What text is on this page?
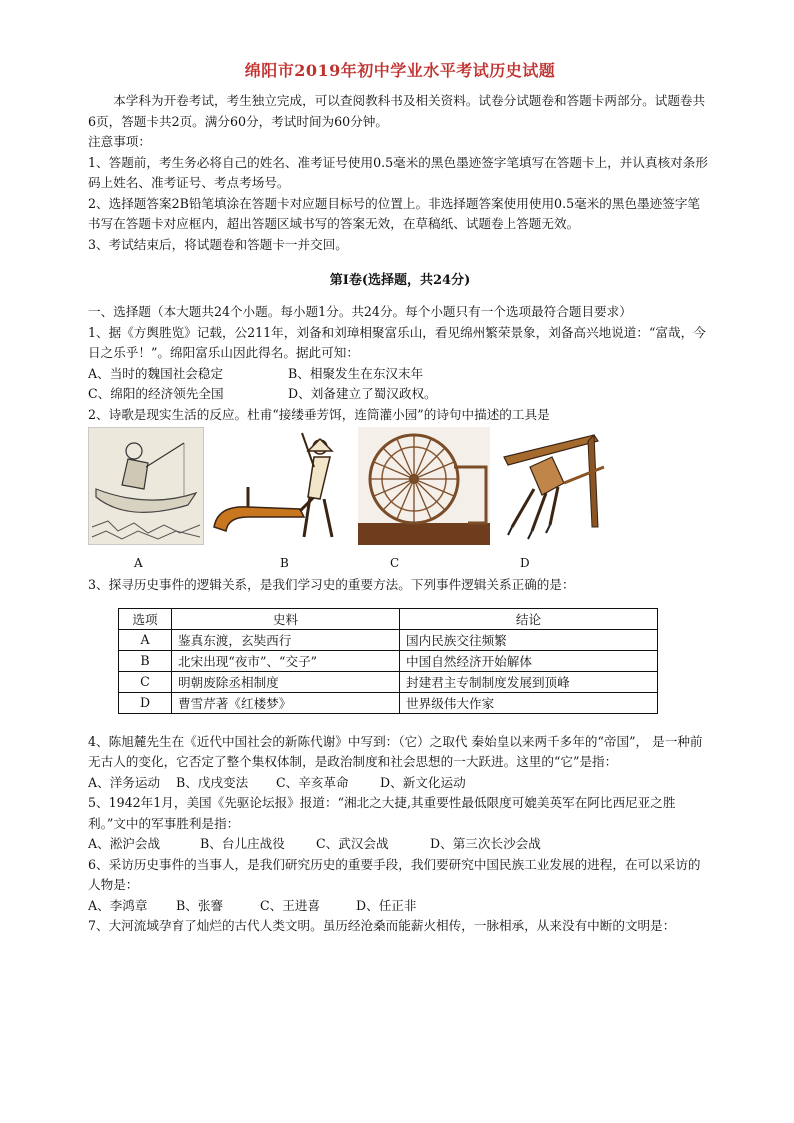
绵阳市2019年初中学业水平考试历史试题

本学科为开卷考试，考生独立完成，可以查阅教科书及相关资料。试卷分试题卷和答题卡两部分。试题卷共6页，答题卡共2页。满分60分，考试时间为60分钟。

注意事项：

1、答题前，考生务必将自己的姓名、准考证号使用0.5毫米的黑色墨迹签字笔填写在答题卡上，并认真核对条形码上姓名、准考证号、考点考场号。

2、选择题答案2B铅笔填涂在答题卡对应题目标号的位置上。非选择题答案使用使用0.5毫米的黑色墨迹签字笔书写在答题卡对应框内，超出答题区域书写的答案无效，在草稿纸、试题卷上答题无效。

3、考试结束后，将试题卷和答题卡一并交回。

第Ⅰ卷(选择题，共24分)

一、选择题（本大题共24个小题。每小题1分。共24分。每个小题只有一个选项最符合题目要求）

1、据《方舆胜览》记载，公211年，刘备和刘璋相聚富乐山，看见绵州繁荣景象，刘备高兴地说道：“富哉，今日之乐乎！”。绵阳富乐山因此得名。据此可知：

A、当时的魏国社会稳定	B、相聚发生在东汉末年
C、绵阳的经济领先全国	D、刘备建立了蜀汉政权。

2、诗歌是现实生活的反应。杜甫“接缕垂芳饵，连筒灌小园”的诗句中描述的工具是

A	B	C	D

3、探寻历史事件的逻辑关系，是我们学习史的重要方法。下列事件逻辑关系正确的是：

选项	史料	结论
A	鉴真东渡，玄奘西行	国内民族交往频繁
B	北宋出现“夜市”、“交子”	中国自然经济开始解体
C	明朝废除丞相制度	封建君主专制制度发展到顶峰
D	曹雪芹著《红楼梦》	世界级伟大作家

4、陈旭麓先生在《近代中国社会的新陈代谢》中写到：（它）之取代 秦始皇以来两千多年的“帝国”， 是一种前无古人的变化，它否定了整个集权体制，是政治制度和社会思想的一大跃进。这里的“它”是指：

A、洋务运动	B、戊戌变法	C、辛亥革命	D、新文化运动

5、1942年1月，美国《先驱论坛报》报道：“湘北之大捷,其重要性最低限度可媲美英军在阿比西尼亚之胜利。”文中的军事胜利是指：

A、淞沪会战	B、台儿庄战役	C、武汉会战	D、第三次长沙会战

6、采访历史事件的当事人，是我们研究历史的重要手段，我们要研究中国民族工业发展的进程，在可以采访的人物是：

A、李鸿章	B、张謇	C、王进喜	D、任正非

7、大河流域孕育了灿烂的古代人类文明。虽历经沧桑而能薪火相传，一脉相承，从来没有中断的文明是：
